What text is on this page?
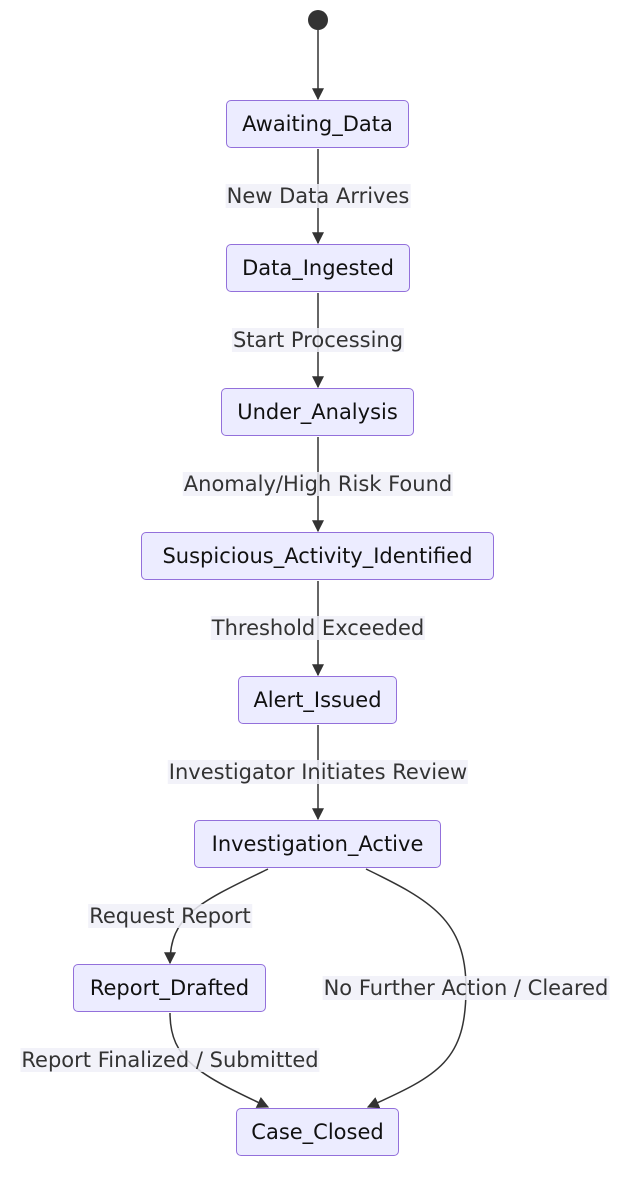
New Data Arrives
Start Processing
Anomaly/High Risk Found
Threshold Exceeded
Investigator Initiates Review
Request Report
No Further Action / Cleared
Report Finalized / Submitted
Awaiting_Data
Data_Ingested
Under_Analysis
Suspicious_Activity_Identified
Alert_Issued
Investigation_Active
Report_Drafted
Case_Closed
